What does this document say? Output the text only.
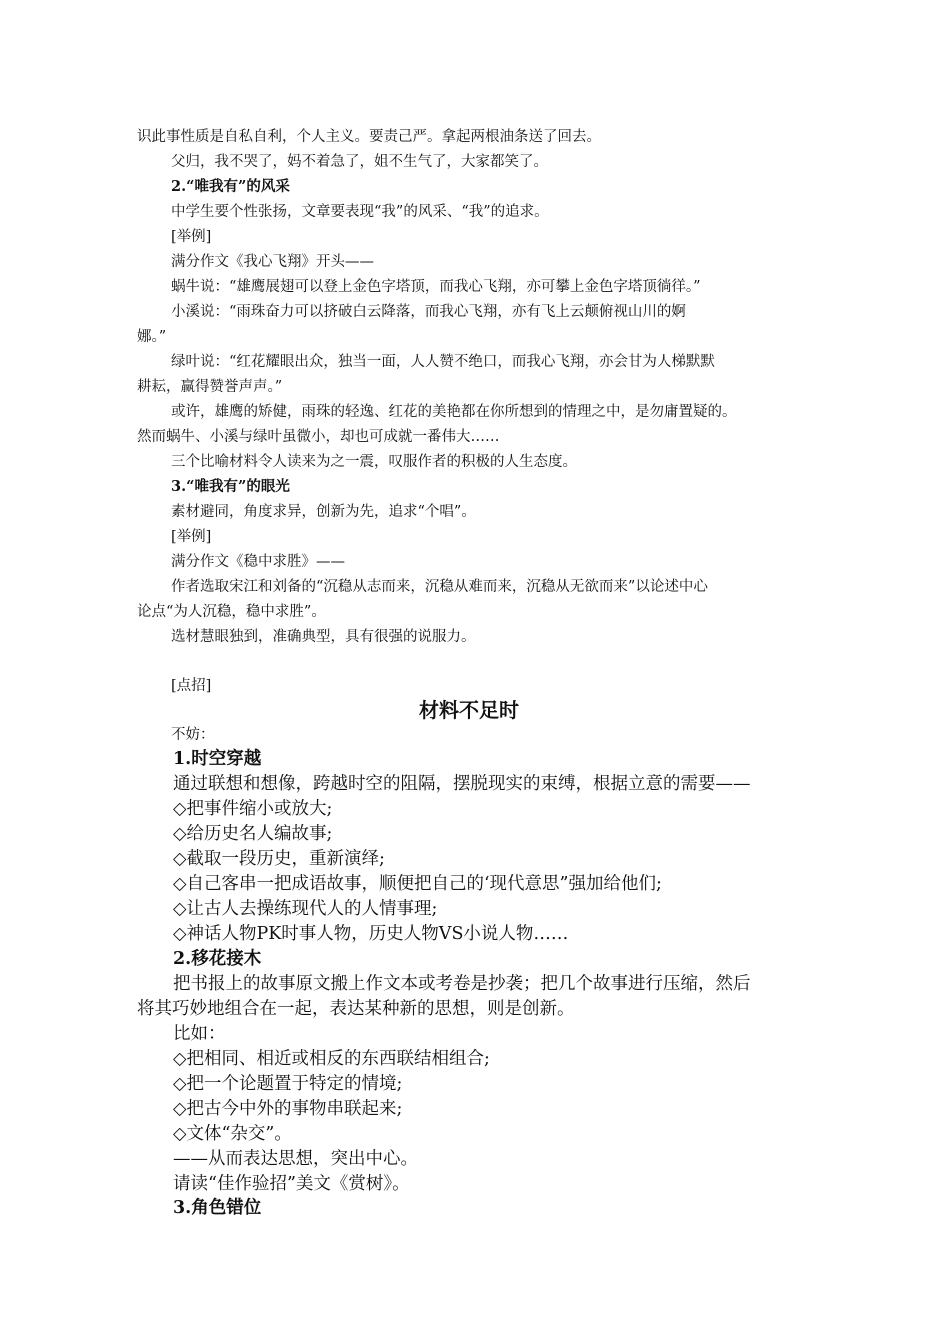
识此事性质是自私自利，个人主义。要责己严。拿起两根油条送了回去。
父归，我不哭了，妈不着急了，姐不生气了，大家都笑了。
2.“唯我有”的风采
中学生要个性张扬，文章要表现“我”的风采、“我”的追求。
[举例]
满分作文《我心飞翔》开头——
蜗牛说：“雄鹰展翅可以登上金色字塔顶，而我心飞翔，亦可攀上金色字塔顶徜徉。”
小溪说：“雨珠奋力可以挤破白云降落，而我心飞翔，亦有飞上云颠俯视山川的婀
娜。”
绿叶说：“红花耀眼出众，独当一面，人人赞不绝口，而我心飞翔，亦会甘为人梯默默
耕耘，赢得赞誉声声。”
或许，雄鹰的矫健，雨珠的轻逸、红花的美艳都在你所想到的情理之中，是勿庸置疑的。
然而蜗牛、小溪与绿叶虽微小，却也可成就一番伟大……
三个比喻材料令人读来为之一震，叹服作者的积极的人生态度。
3.“唯我有”的眼光
素材避同，角度求异，创新为先，追求“个唱”。
[举例]
满分作文《稳中求胜》——
作者选取宋江和刘备的“沉稳从志而来，沉稳从难而来，沉稳从无欲而来”以论述中心
论点“为人沉稳，稳中求胜”。
选材慧眼独到，准确典型，具有很强的说服力。
[点招]
材料不足时
不妨：
1.时空穿越
通过联想和想像，跨越时空的阻隔，摆脱现实的束缚，根据立意的需要——
◇把事件缩小或放大;
◇给历史名人编故事;
◇截取一段历史，重新演绎;
◇自己客串一把成语故事，顺便把自己的‘现代意思”强加给他们;
◇让古人去操练现代人的人情事理;
◇神话人物PK时事人物，历史人物VS小说人物……
2.移花接木
把书报上的故事原文搬上作文本或考卷是抄袭；把几个故事进行压缩，然后
将其巧妙地组合在一起，表达某种新的思想，则是创新。
比如：
◇把相同、相近或相反的东西联结相组合;
◇把一个论题置于特定的情境;
◇把古今中外的事物串联起来;
◇文体“杂交”。
——从而表达思想，突出中心。
请读“佳作验招”美文《赏树》。
3.角色错位
